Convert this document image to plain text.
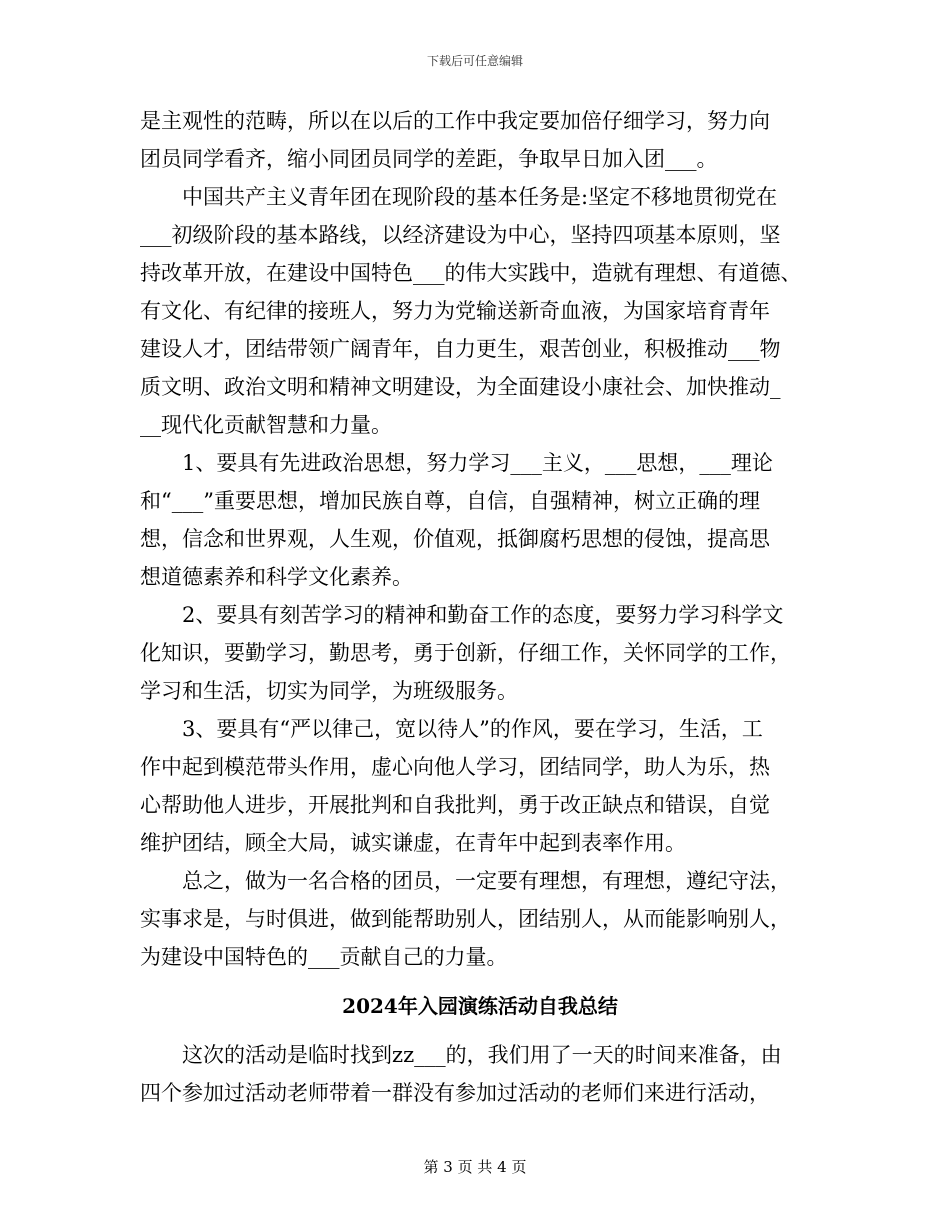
下载后可任意编辑
是主观性的范畴，所以在以后的工作中我定要加倍仔细学习，努力向
团员同学看齐，缩小同团员同学的差距，争取早日加入团___。
　　中国共产主义青年团在现阶段的基本任务是:坚定不移地贯彻党在
___初级阶段的基本路线，以经济建设为中心，坚持四项基本原则，坚
持改革开放，在建设中国特色___的伟大实践中，造就有理想、有道德、
有文化、有纪律的接班人，努力为党输送新奇血液，为国家培育青年
建设人才，团结带领广阔青年，自力更生，艰苦创业，积极推动___物
质文明、政治文明和精神文明建设，为全面建设小康社会、加快推动_
__现代化贡献智慧和力量。
　　1、要具有先进政治思想，努力学习___主义，___思想，___理论
和“___”重要思想，增加民族自尊，自信，自强精神，树立正确的理
想，信念和世界观，人生观，价值观，抵御腐朽思想的侵蚀，提高思
想道德素养和科学文化素养。
　　2、要具有刻苦学习的精神和勤奋工作的态度，要努力学习科学文
化知识，要勤学习，勤思考，勇于创新，仔细工作，关怀同学的工作，
学习和生活，切实为同学，为班级服务。
　　3、要具有“严以律己，宽以待人”的作风，要在学习，生活，工
作中起到模范带头作用，虚心向他人学习，团结同学，助人为乐，热
心帮助他人进步，开展批判和自我批判，勇于改正缺点和错误，自觉
维护团结，顾全大局，诚实谦虚，在青年中起到表率作用。
　　总之，做为一名合格的团员，一定要有理想，有理想，遵纪守法，
实事求是，与时俱进，做到能帮助别人，团结别人，从而能影响别人，
为建设中国特色的___贡献自己的力量。
2024年入园演练活动自我总结
　　这次的活动是临时找到zz___的，我们用了一天的时间来准备，由
四个参加过活动老师带着一群没有参加过活动的老师们来进行活动，
第 3 页 共 4 页
